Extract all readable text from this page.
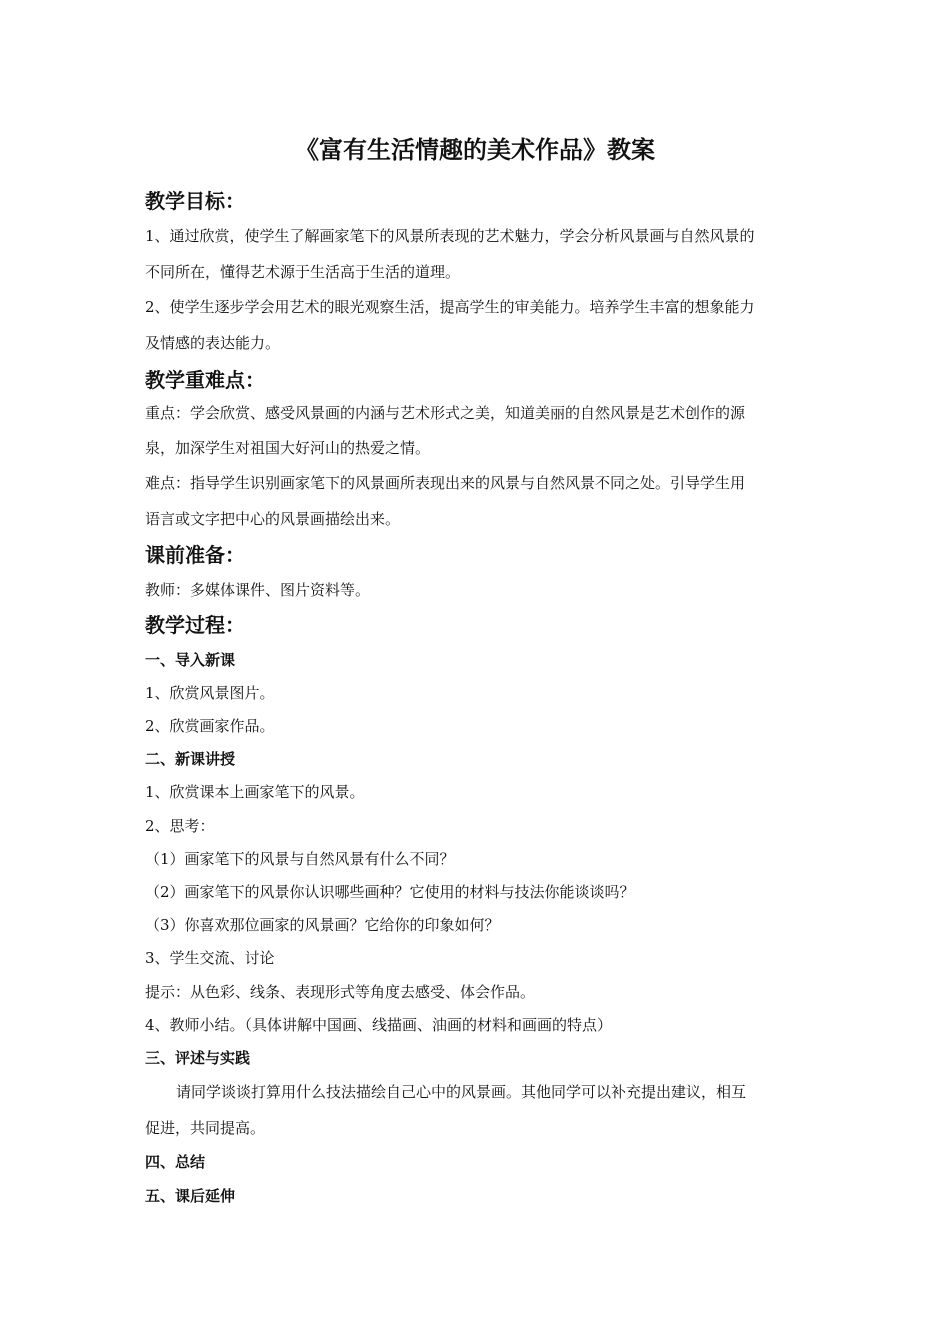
《富有生活情趣的美术作品》教案
教学目标：
1、通过欣赏，使学生了解画家笔下的风景所表现的艺术魅力，学会分析风景画与自然风景的
不同所在，懂得艺术源于生活高于生活的道理。
2、使学生逐步学会用艺术的眼光观察生活，提高学生的审美能力。培养学生丰富的想象能力
及情感的表达能力。
教学重难点：
重点：学会欣赏、感受风景画的内涵与艺术形式之美，知道美丽的自然风景是艺术创作的源
泉，加深学生对祖国大好河山的热爱之情。
难点：指导学生识别画家笔下的风景画所表现出来的风景与自然风景不同之处。引导学生用
语言或文字把中心的风景画描绘出来。
课前准备：
教师：多媒体课件、图片资料等。
教学过程：
一、导入新课
1、欣赏风景图片。
2、欣赏画家作品。
二、新课讲授
1、欣赏课本上画家笔下的风景。
2、思考：
（1）画家笔下的风景与自然风景有什么不同？
（2）画家笔下的风景你认识哪些画种？它使用的材料与技法你能谈谈吗？
（3）你喜欢那位画家的风景画？它给你的印象如何？
3、学生交流、讨论
提示：从色彩、线条、表现形式等角度去感受、体会作品。
4、教师小结。（具体讲解中国画、线描画、油画的材料和画画的特点）
三、评述与实践
请同学谈谈打算用什么技法描绘自己心中的风景画。其他同学可以补充提出建议，相互
促进，共同提高。
四、总结
五、课后延伸
